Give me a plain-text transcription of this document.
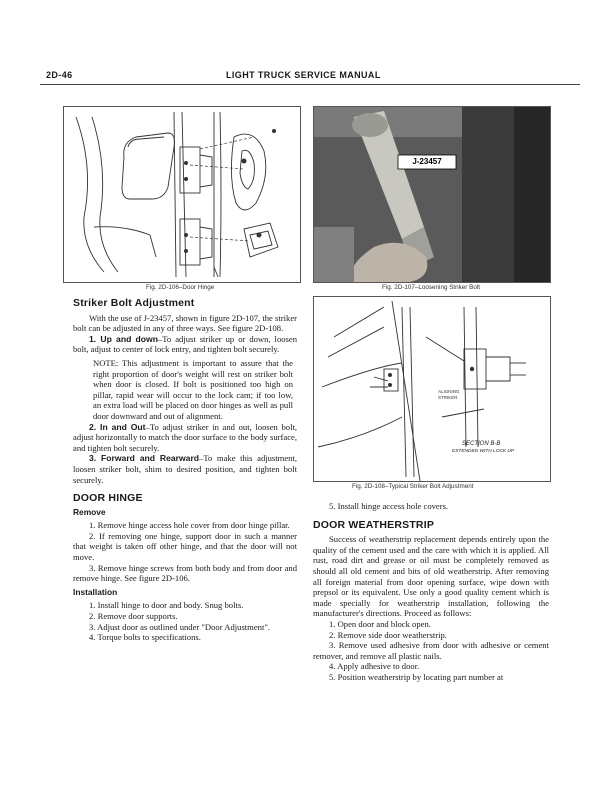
2D-46	LIGHT TRUCK SERVICE MANUAL
Fig. 2D-106–Door Hinge
J-23457
Fig. 2D-107–Loosening Striker Bolt
ALIGNING
STRIKER
SECTION B-B
EXTENDED WITH LOCK UP
Fig. 2D-108–Typical Striker Bolt Adjustment

Striker Bolt Adjustment

With the use of J-23457, shown in figure 2D-107, the striker bolt can be adjusted in any of three ways. See figure 2D-108.

1. Up and down–To adjust striker up or down, loosen bolt, adjust to center of lock entry, and tighten bolt securely.

NOTE: This adjustment is important to assure that the right proportion of door's weight will rest on striker bolt when door is closed. If bolt is positioned too high on pillar, rapid wear will occur to the lock cam; if too low, an extra load will be placed on door hinges as well as pull door downward and out of alignment.

2. In and Out–To adjust striker in and out, loosen bolt, adjust horizontally to match the door surface to the body surface, and tighten bolt securely.

3. Forward and Rearward–To make this adjustment, loosen striker bolt, shim to desired position, and tighten bolt securely.

DOOR HINGE

Remove

1. Remove hinge access hole cover from door hinge pillar.

2. If removing one hinge, support door in such a manner that weight is taken off other hinge, and that the door will not move.

3. Remove hinge screws from both body and from door and remove hinge. See figure 2D-106.

Installation

1. Install hinge to door and body. Snug bolts.

2. Remove door supports.

3. Adjust door as outlined under "Door Adjustment".

4. Torque bolts to specifications.

5. Install hinge access hole covers.

DOOR WEATHERSTRIP

Success of weatherstrip replacement depends entirely upon the quality of the cement used and the care with which it is applied. All rust, road dirt and grease or oil must be completely removed as should all old cement and bits of old weatherstrip. After removing all foreign material from door opening surface, wipe down with prepsol or its equivalent. Use only a good quality cement which is made specially for weatherstrip installation, following the manufacturer's directions. Proceed as follows:

1. Open door and block open.

2. Remove side door weatherstrip.

3. Remove used adhesive from door with adhesive or cement remover, and remove all plastic nails.

4. Apply adhesive to door.

5. Position weatherstrip by locating part number at
